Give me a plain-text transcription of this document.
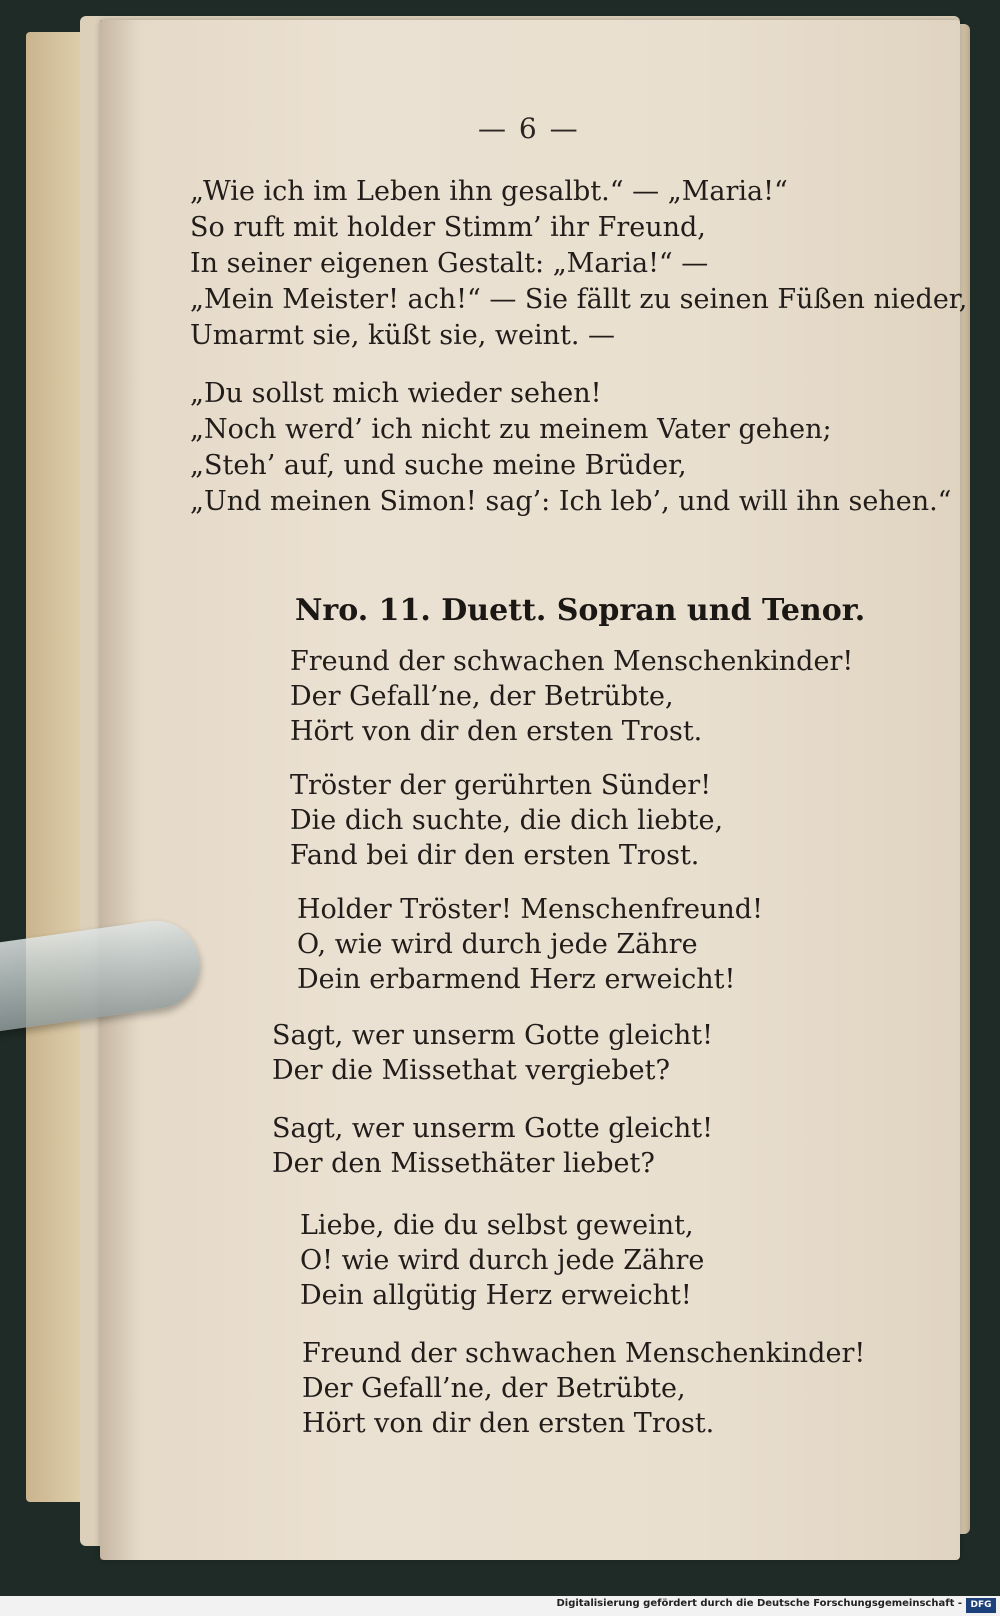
— 6 —
„Wie ich im Leben ihn gesalbt.“ — „Maria!“
So ruft mit holder Stimm’ ihr Freund,
In seiner eigenen Gestalt: „Maria!“ —
„Mein Meister! ach!“ — Sie fällt zu seinen Füßen nieder,
Umarmt sie, küßt sie, weint. —
„Du sollst mich wieder sehen!
„Noch werd’ ich nicht zu meinem Vater gehen;
„Steh’ auf, und suche meine Brüder,
„Und meinen Simon! sag’: Ich leb’, und will ihn sehen.“
Nro. 11. Duett. Sopran und Tenor.
Freund der schwachen Menschenkinder!
Der Gefall’ne, der Betrübte,
Hört von dir den ersten Trost.
Tröster der gerührten Sünder!
Die dich suchte, die dich liebte,
Fand bei dir den ersten Trost.
Holder Tröster! Menschenfreund!
O, wie wird durch jede Zähre
Dein erbarmend Herz erweicht!
Sagt, wer unserm Gotte gleicht!
Der die Missethat vergiebet?
Sagt, wer unserm Gotte gleicht!
Der den Missethäter liebet?
Liebe, die du selbst geweint,
O! wie wird durch jede Zähre
Dein allgütig Herz erweicht!
Freund der schwachen Menschenkinder!
Der Gefall’ne, der Betrübte,
Hört von dir den ersten Trost.
Digitalisierung gefördert durch die Deutsche Forschungsgemeinschaft - DFG
